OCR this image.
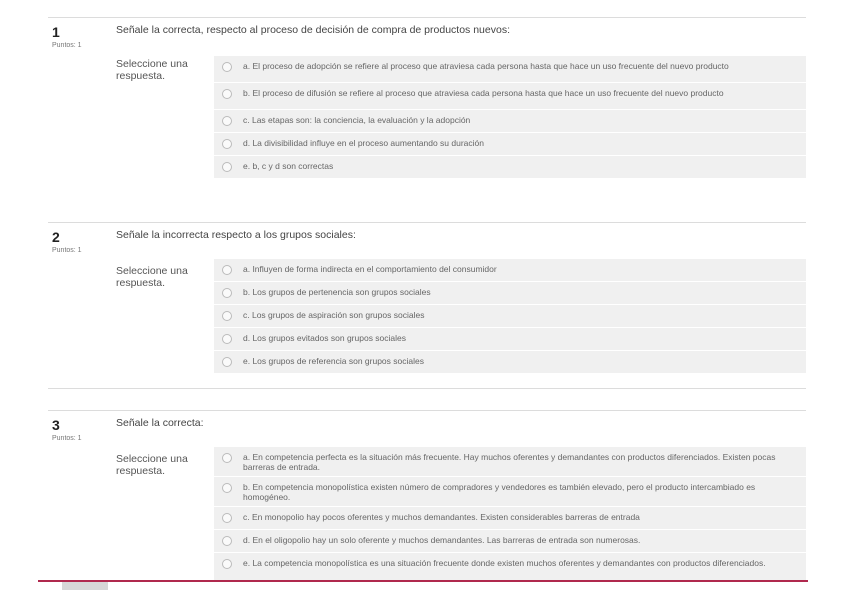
1
Puntos: 1
Señale la correcta, respecto al proceso de decisión de compra de productos nuevos:
Seleccione una respuesta.
a. El proceso de adopción se refiere al proceso que atraviesa cada persona hasta que hace un uso frecuente del nuevo producto
b. El proceso de difusión se refiere al proceso que atraviesa cada persona hasta que hace un uso frecuente del nuevo producto
c. Las etapas son: la conciencia, la evaluación y la adopción
d. La divisibilidad influye en el proceso aumentando su duración
e. b, c y d son correctas
2
Puntos: 1
Señale la incorrecta respecto a los grupos sociales:
Seleccione una respuesta.
a. Influyen de forma indirecta en el comportamiento del consumidor
b. Los grupos de pertenencia son grupos sociales
c. Los grupos de aspiración son grupos sociales
d. Los grupos evitados son grupos sociales
e. Los grupos de referencia son grupos sociales
3
Puntos: 1
Señale la correcta:
Seleccione una respuesta.
a. En competencia perfecta es la situación más frecuente. Hay muchos oferentes y demandantes con productos diferenciados. Existen pocas barreras de entrada.
b. En competencia monopolística existen número de compradores y vendedores es también elevado, pero el producto intercambiado es homogéneo.
c. En monopolio hay pocos oferentes y muchos demandantes. Existen considerables barreras de entrada
d. En el oligopolio hay un solo oferente y muchos demandantes. Las barreras de entrada son numerosas.
e. La competencia monopolística es una situación frecuente donde existen muchos oferentes y demandantes con productos diferenciados.
